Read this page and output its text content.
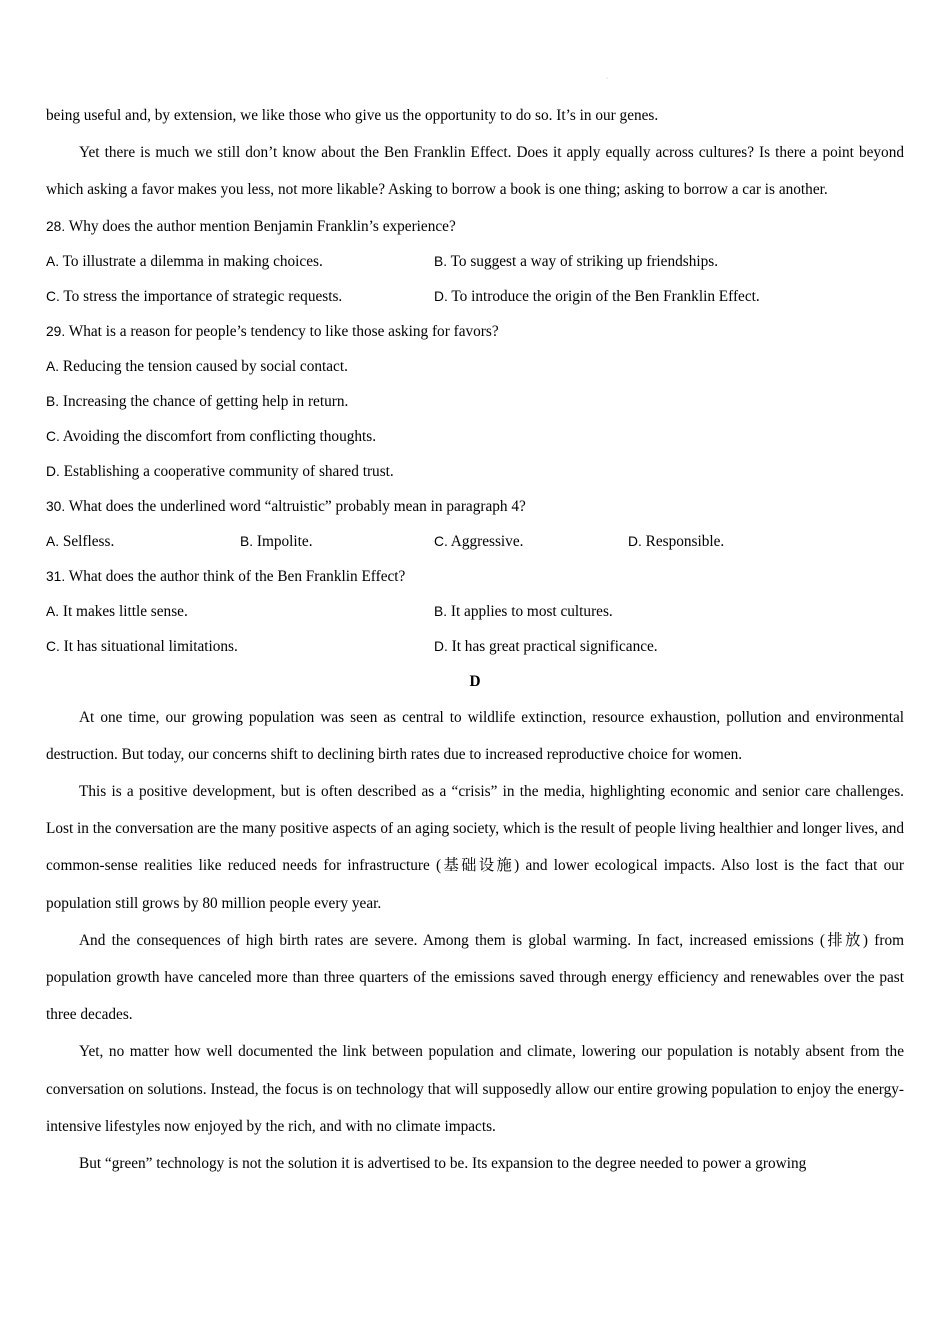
·

being useful and, by extension, we like those who give us the opportunity to do so. It’s in our genes.

Yet there is much we still don’t know about the Ben Franklin Effect. Does it apply equally across cultures? Is there a point beyond which asking a favor makes you less, not more likable? Asking to borrow a book is one thing; asking to borrow a car is another.

28. Why does the author mention Benjamin Franklin’s experience?
A. To illustrate a dilemma in making choices.	B. To suggest a way of striking up friendships.
C. To stress the importance of strategic requests.	D. To introduce the origin of the Ben Franklin Effect.
29. What is a reason for people’s tendency to like those asking for favors?
A. Reducing the tension caused by social contact.
B. Increasing the chance of getting help in return.
C. Avoiding the discomfort from conflicting thoughts.
D. Establishing a cooperative community of shared trust.
30. What does the underlined word “altruistic” probably mean in paragraph 4?
A. Selfless.	B. Impolite.	C. Aggressive.	D. Responsible.
31. What does the author think of the Ben Franklin Effect?
A. It makes little sense.	B. It applies to most cultures.
C. It has situational limitations.	D. It has great practical significance.
D

At one time, our growing population was seen as central to wildlife extinction, resource exhaustion, pollution and environmental destruction. But today, our concerns shift to declining birth rates due to increased reproductive choice for women.

This is a positive development, but is often described as a “crisis” in the media, highlighting economic and senior care challenges. Lost in the conversation are the many positive aspects of an aging society, which is the result of people living healthier and longer lives, and common-sense realities like reduced needs for infrastructure (基础设施) and lower ecological impacts. Also lost is the fact that our population still grows by 80 million people every year.

And the consequences of high birth rates are severe. Among them is global warming. In fact, increased emissions (排放) from population growth have canceled more than three quarters of the emissions saved through energy efficiency and renewables over the past three decades.

Yet, no matter how well documented the link between population and climate, lowering our population is notably absent from the conversation on solutions. Instead, the focus is on technology that will supposedly allow our entire growing population to enjoy the energy-intensive lifestyles now enjoyed by the rich, and with no climate impacts.

But “green” technology is not the solution it is advertised to be. Its expansion to the degree needed to power a growing
